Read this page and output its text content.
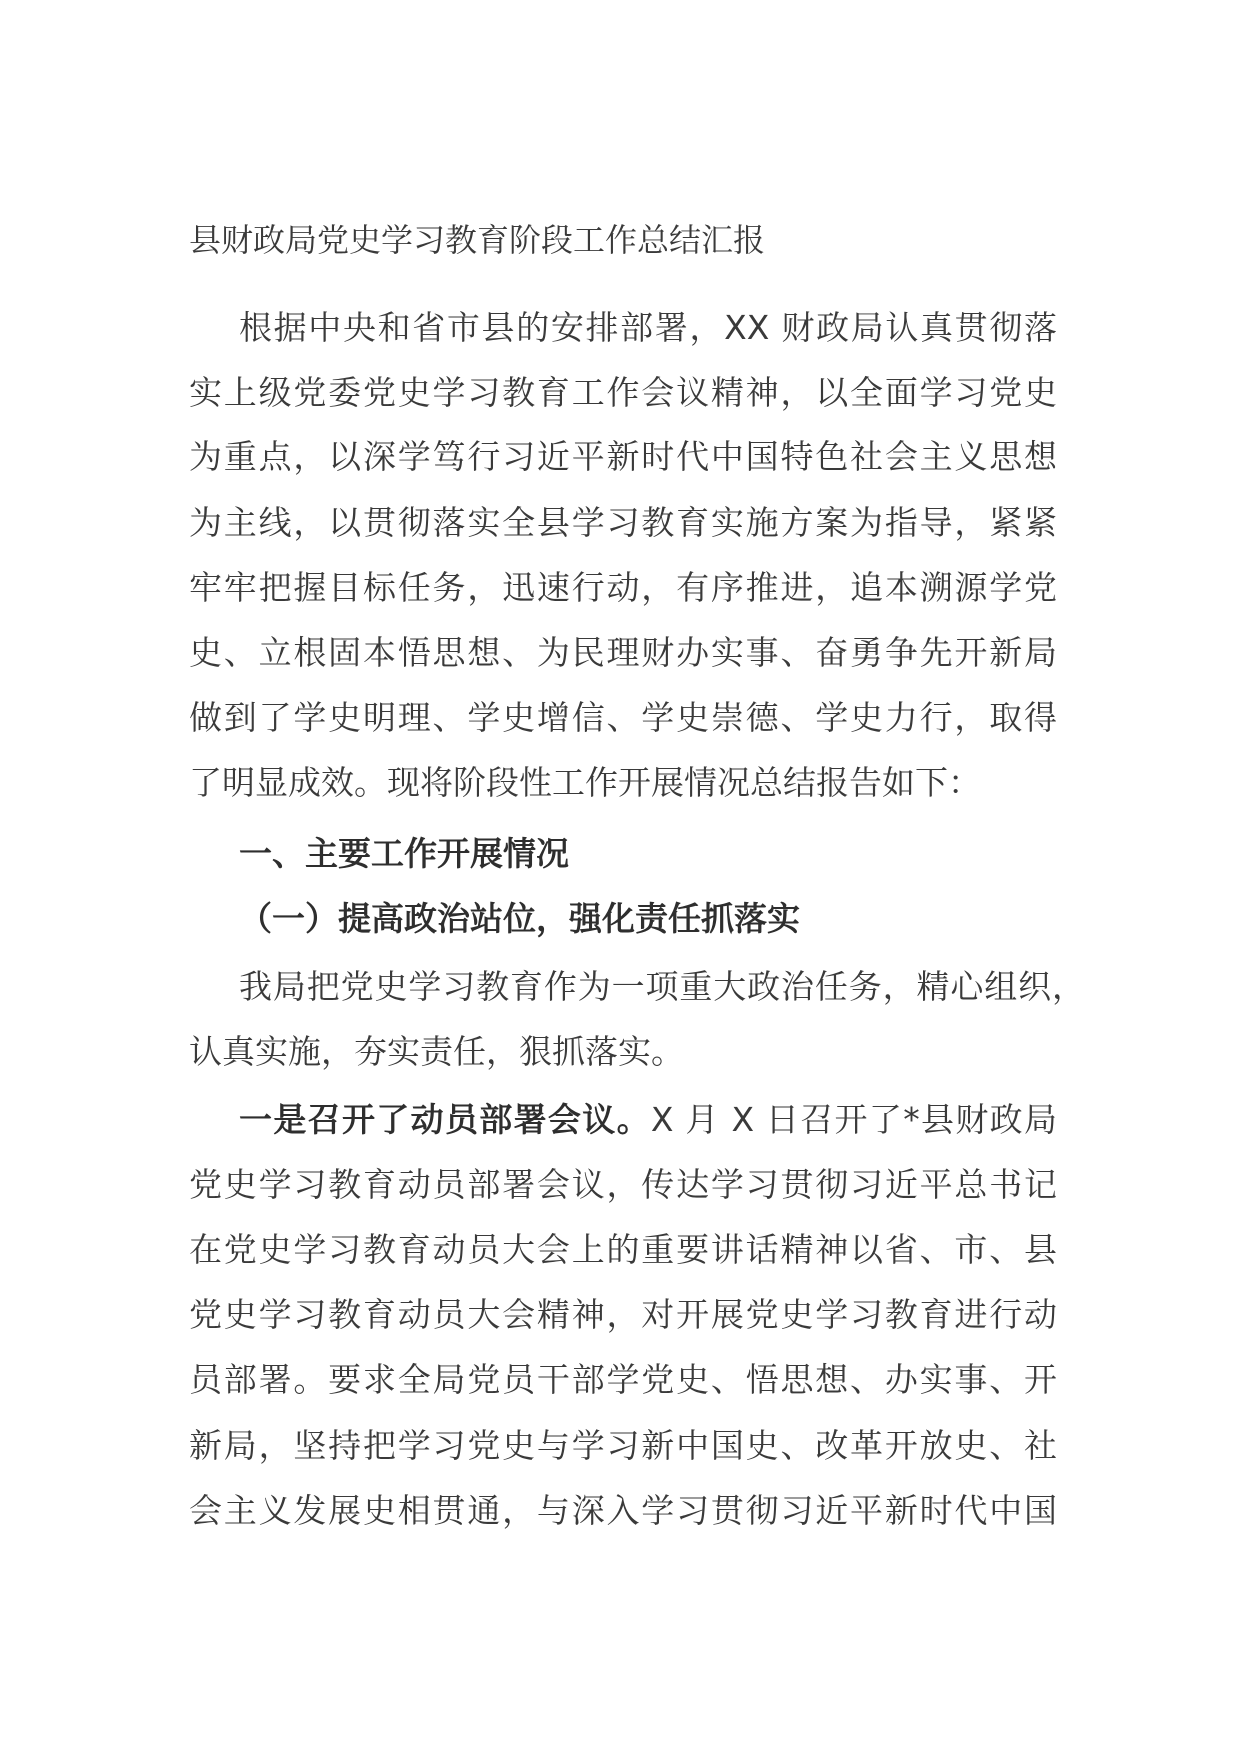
县财政局党史学习教育阶段工作总结汇报
根据中央和省市县的安排部署，XX 财政局认真贯彻落
实上级党委党史学习教育工作会议精神，以全面学习党史
为重点，以深学笃行习近平新时代中国特色社会主义思想
为主线，以贯彻落实全县学习教育实施方案为指导，紧紧
牢牢把握目标任务，迅速行动，有序推进，追本溯源学党
史、立根固本悟思想、为民理财办实事、奋勇争先开新局
做到了学史明理、学史增信、学史崇德、学史力行，取得
了明显成效。现将阶段性工作开展情况总结报告如下：
一、主要工作开展情况
（一）提高政治站位，强化责任抓落实
我局把党史学习教育作为一项重大政治任务，精心组织，
认真实施，夯实责任，狠抓落实。
一是召开了动员部署会议。X 月 X 日召开了*县财政局
党史学习教育动员部署会议，传达学习贯彻习近平总书记
在党史学习教育动员大会上的重要讲话精神以省、市、县
党史学习教育动员大会精神，对开展党史学习教育进行动
员部署。要求全局党员干部学党史、悟思想、办实事、开
新局，坚持把学习党史与学习新中国史、改革开放史、社
会主义发展史相贯通，与深入学习贯彻习近平新时代中国
